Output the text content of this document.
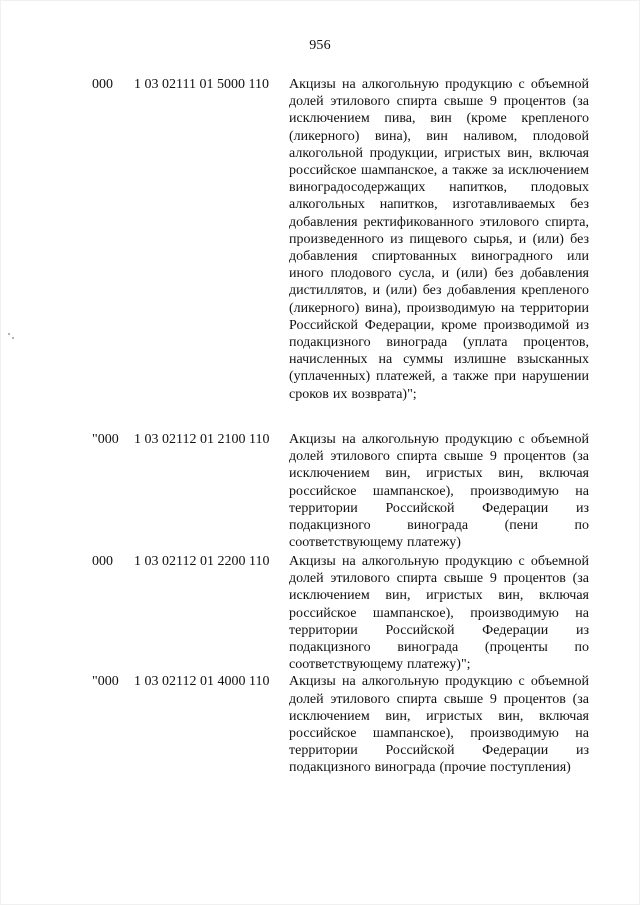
956
000 1 03 02111 01 5000 110 Акцизы на алкогольную продукцию с объемной долей этилового спирта свыше 9 процентов (за исключением пива, вин (кроме крепленого (ликерного) вина), вин наливом, плодовой алкогольной продукции, игристых вин, включая российское шампанское, а также за исключением виноградосодержащих напитков, плодовых алкогольных напитков, изготавливаемых без добавления ректификованного этилового спирта, произведенного из пищевого сырья, и (или) без добавления спиртованных виноградного или иного плодового сусла, и (или) без добавления дистиллятов, и (или) без добавления крепленого (ликерного) вина), производимую на территории Российской Федерации, кроме производимой из подакцизного винограда (уплата процентов, начисленных на суммы излишне взысканных (уплаченных) платежей, а также при нарушении сроков их возврата)";
"000 1 03 02112 01 2100 110 Акцизы на алкогольную продукцию с объемной долей этилового спирта свыше 9 процентов (за исключением вин, игристых вин, включая российское шампанское), производимую на территории Российской Федерации из подакцизного винограда (пени по соответствующему платежу)
000 1 03 02112 01 2200 110 Акцизы на алкогольную продукцию с объемной долей этилового спирта свыше 9 процентов (за исключением вин, игристых вин, включая российское шампанское), производимую на территории Российской Федерации из подакцизного винограда (проценты по соответствующему платежу)";
"000 1 03 02112 01 4000 110 Акцизы на алкогольную продукцию с объемной долей этилового спирта свыше 9 процентов (за исключением вин, игристых вин, включая российское шампанское), производимую на территории Российской Федерации из подакцизного винограда (прочие поступления)
